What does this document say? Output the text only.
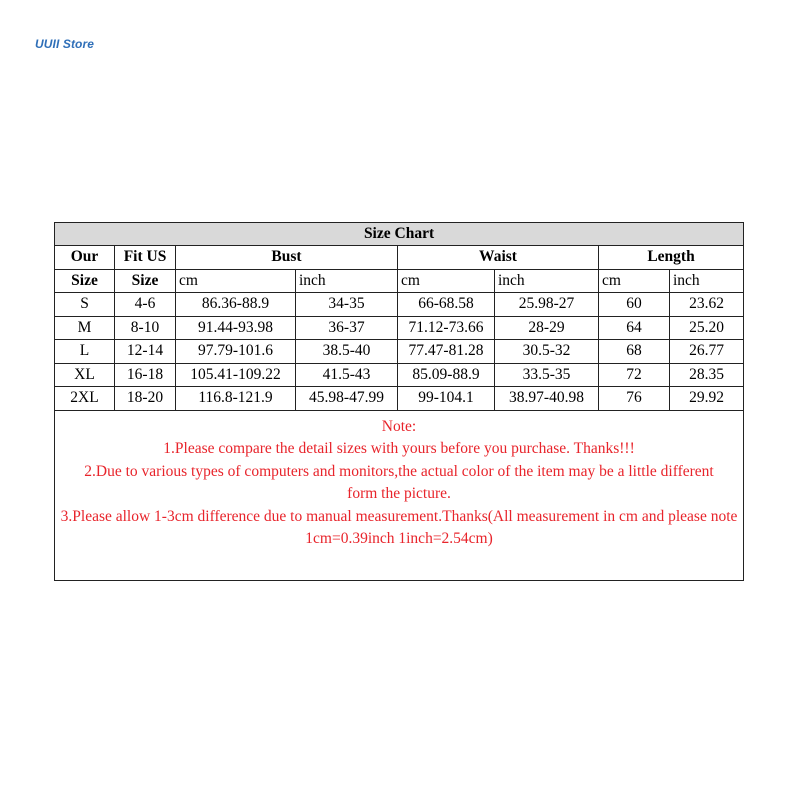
UUII Store
Size Chart							
Our	Fit US	Bust		Waist		Length	
Size	Size	cm	inch	cm	inch	cm	inch
S	4-6	86.36-88.9	34-35	66-68.58	25.98-27	60	23.62
M	8-10	91.44-93.98	36-37	71.12-73.66	28-29	64	25.20
L	12-14	97.79-101.6	38.5-40	77.47-81.28	30.5-32	68	26.77
XL	16-18	105.41-109.22	41.5-43	85.09-88.9	33.5-35	72	28.35
2XL	18-20	116.8-121.9	45.98-47.99	99-104.1	38.97-40.98	76	29.92

Note:
1.Please compare the detail sizes with yours before you purchase. Thanks!!!
2.Due to various types of computers and monitors,the actual color of the item may be a little different form the picture.
3.Please allow 1-3cm difference due to manual measurement.Thanks(All measurement in cm and please note 1cm=0.39inch 1inch=2.54cm)							
